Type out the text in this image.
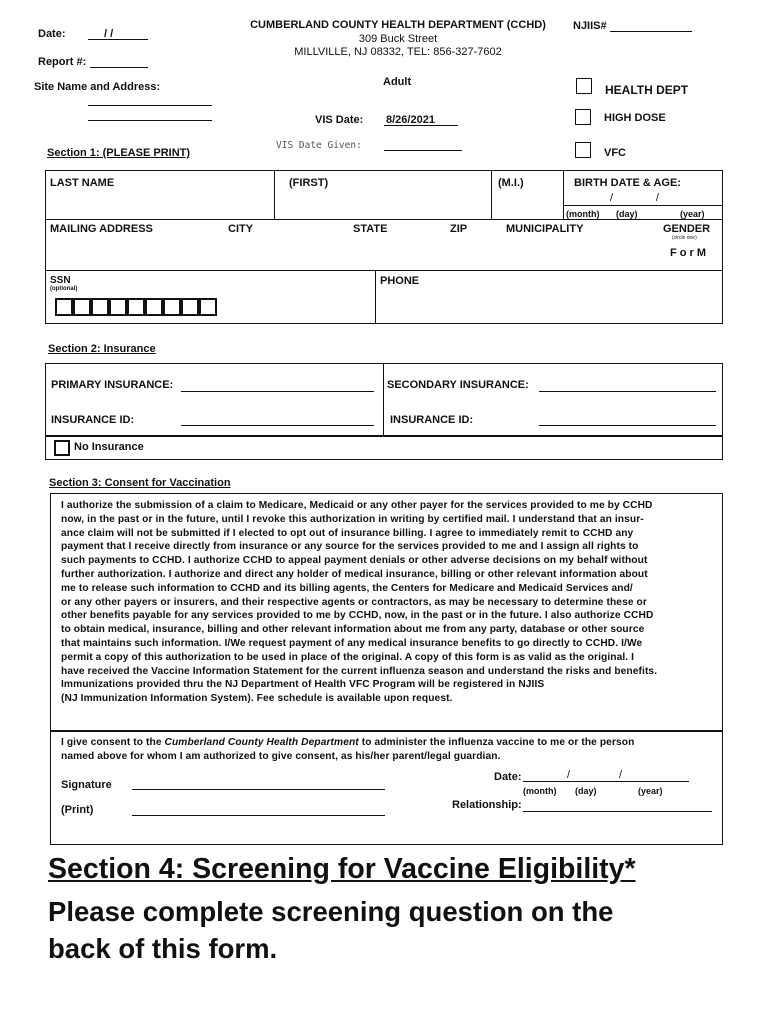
Date:	/ /
Report #:
Site Name and Address:
CUMBERLAND COUNTY HEALTH DEPARTMENT (CCHD)
309 Buck Street
MILLVILLE, NJ 08332, TEL: 856-327-7602
NJIIS#
Adult
HEALTH DEPT
HIGH DOSE
VIS Date: 8/26/2021
VIS Date Given:
VFC
Section 1: (PLEASE PRINT)
LAST NAME	(FIRST)	(M.I.)	BIRTH DATE & AGE:
/              /
(month) (day)	(year)
MAILING ADDRESS	CITY	STATE	ZIP	MUNICIPALITY	GENDER
(circle one)
F o r M
SSN
(optional)
PHONE
Section 2: Insurance
PRIMARY INSURANCE:	SECONDARY INSURANCE:
INSURANCE ID:	INSURANCE ID:
No Insurance
Section 3: Consent for Vaccination
I authorize the submission of a claim to Medicare, Medicaid or any other payer for the services provided to me by CCHD
now, in the past or in the future, until I revoke this authorization in writing by certified mail. I understand that an insur-
ance claim will not be submitted if I elected to opt out of insurance billing. I agree to immediately remit to CCHD any
payment that I receive directly from insurance or any source for the services provided to me and I assign all rights to
such payments to CCHD. I authorize CCHD to appeal payment denials or other adverse decisions on my behalf without
further authorization. I authorize and direct any holder of medical insurance, billing or other relevant information about
me to release such information to CCHD and its billing agents, the Centers for Medicare and Medicaid Services and/
or any other payers or insurers, and their respective agents or contractors, as may be necessary to determine these or
other benefits payable for any services provided to me by CCHD, now, in the past or in the future. I also authorize CCHD
to obtain medical, insurance, billing and other relevant information about me from any party, database or other source
that maintains such information. I/We request payment of any medical insurance benefits to go directly to CCHD. I/We
permit a copy of this authorization to be used in place of the original. A copy of this form is as valid as the original. I
have received the Vaccine Information Statement for the current influenza season and understand the risks and benefits.
Immunizations provided thru the NJ Department of Health VFC Program will be registered in NJIIS
(NJ Immunization Information System). Fee schedule is available upon request.
I give consent to the Cumberland County Health Department to administer the influenza vaccine to me or the person
named above for whom I am authorized to give consent, as his/her parent/legal guardian.
Signature
(Print)
Date:	/                /
(month) (day)	(year)
Relationship:
Section 4: Screening for Vaccine Eligibility*
Please complete screening question on the
back of this form.
